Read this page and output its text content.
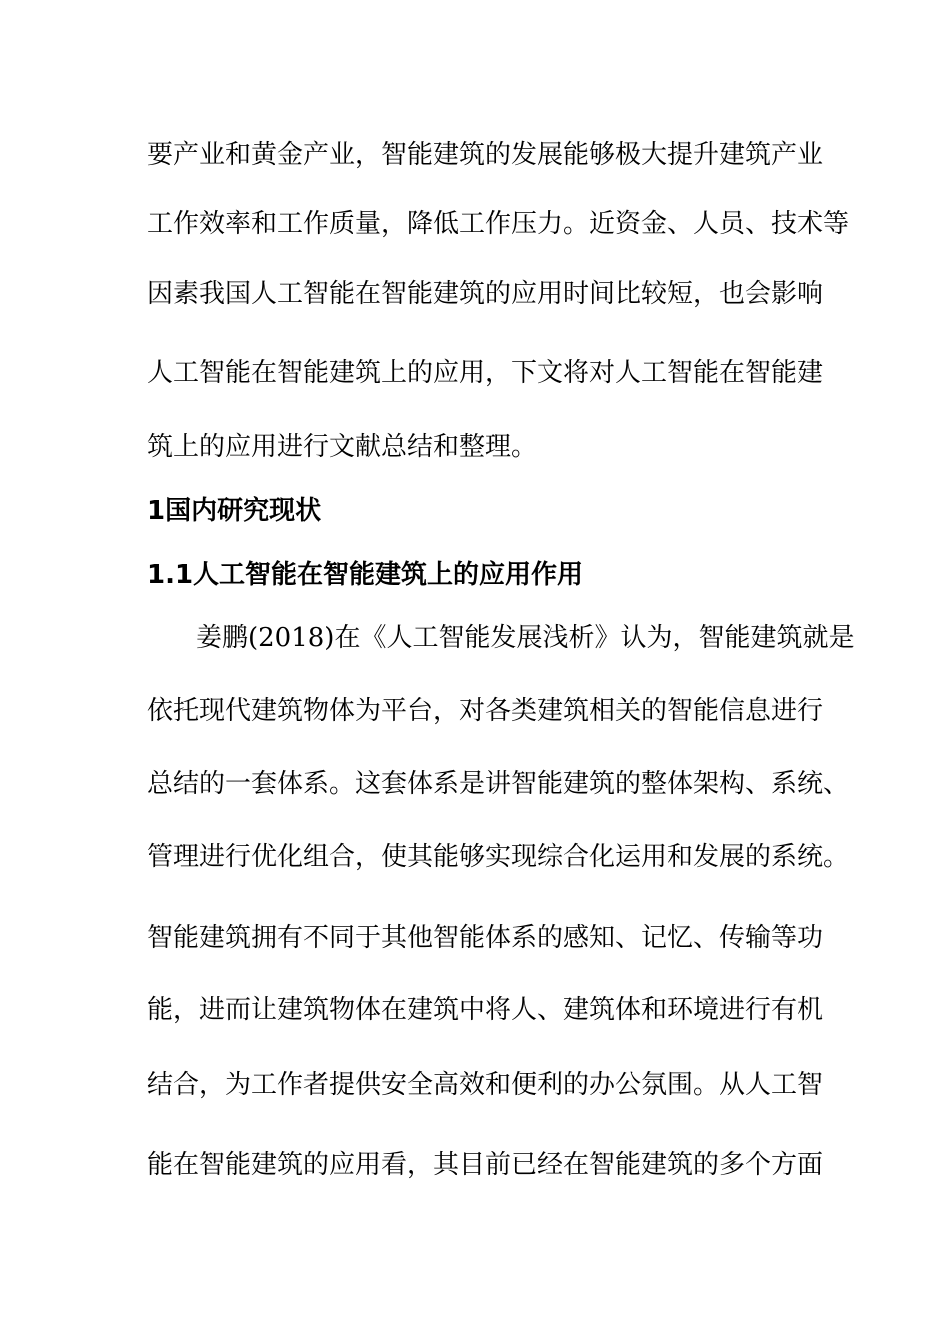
要产业和黄金产业，智能建筑的发展能够极大提升建筑产业
工作效率和工作质量，降低工作压力。近资金、人员、技术等
因素我国人工智能在智能建筑的应用时间比较短，也会影响
人工智能在智能建筑上的应用，下文将对人工智能在智能建
筑上的应用进行文献总结和整理。
1国内研究现状
1.1人工智能在智能建筑上的应用作用
姜鹏(2018)在《人工智能发展浅析》认为，智能建筑就是
依托现代建筑物体为平台，对各类建筑相关的智能信息进行
总结的一套体系。这套体系是讲智能建筑的整体架构、系统、
管理进行优化组合，使其能够实现综合化运用和发展的系统。
智能建筑拥有不同于其他智能体系的感知、记忆、传输等功
能，进而让建筑物体在建筑中将人、建筑体和环境进行有机
结合，为工作者提供安全高效和便利的办公氛围。从人工智
能在智能建筑的应用看，其目前已经在智能建筑的多个方面
